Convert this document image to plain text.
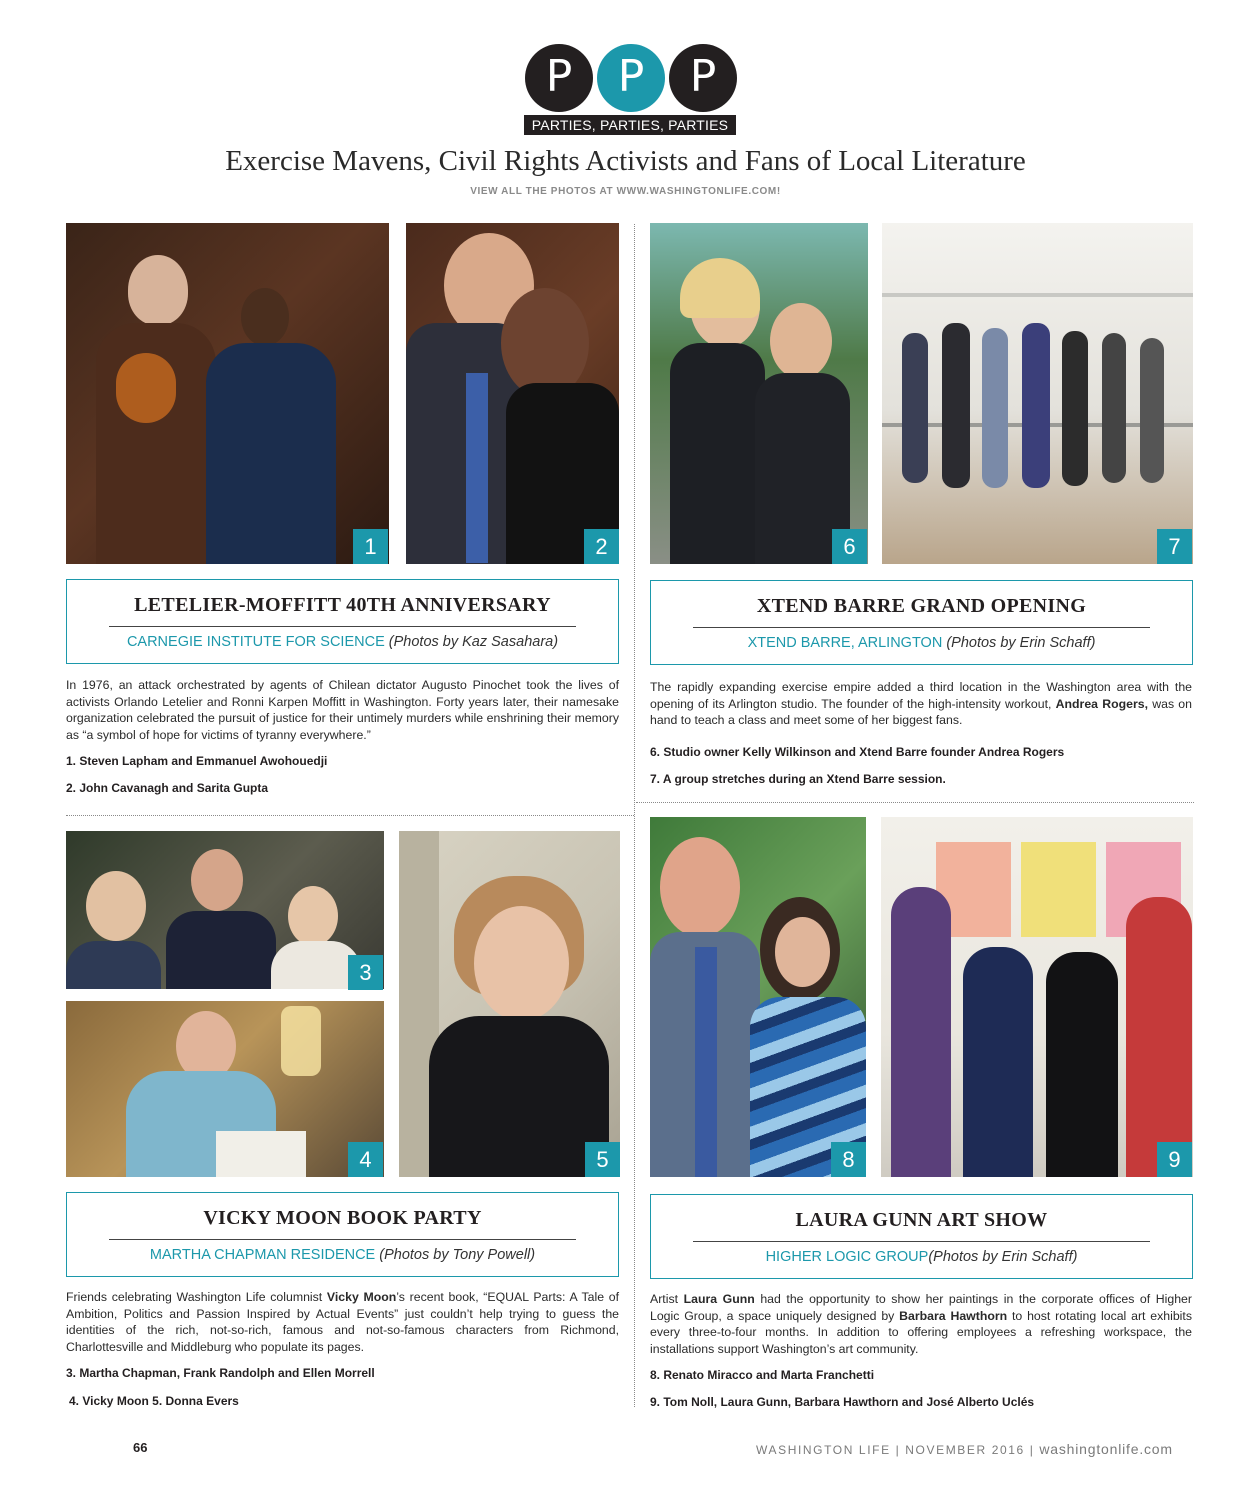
P	P	P
PARTIES, PARTIES, PARTIES
Exercise Mavens, Civil Rights Activists and Fans of Local Literature
VIEW ALL THE PHOTOS AT WWW.WASHINGTONLIFE.COM!
1	2	6	7
LETELIER-MOFFITT 40TH ANNIVERSARY
CARNEGIE INSTITUTE FOR SCIENCE (Photos by Kaz Sasahara)
In 1976, an attack orchestrated by agents of Chilean dictator Augusto Pinochet took the lives of activists Orlando Letelier and Ronni Karpen Moffitt in Washington. Forty years later, their namesake organization celebrated the pursuit of justice for their untimely murders while enshrining their memory as “a symbol of hope for victims of tyranny everywhere.”
1. Steven Lapham and Emmanuel Awohouedji
2. John Cavanagh and Sarita Gupta
XTEND BARRE GRAND OPENING
XTEND BARRE, ARLINGTON (Photos by Erin Schaff)
The rapidly expanding exercise empire added a third location in the Washington area with the opening of its Arlington studio. The founder of the high-intensity workout, Andrea Rogers, was on hand to teach a class and meet some of her biggest fans.
6. Studio owner Kelly Wilkinson and Xtend Barre founder Andrea Rogers
7. A group stretches during an Xtend Barre session.
3
4	5	8	9
VICKY MOON BOOK PARTY
MARTHA CHAPMAN RESIDENCE (Photos by Tony Powell)
Friends celebrating Washington Life columnist Vicky Moon’s recent book, “EQUAL Parts: A Tale of Ambition, Politics and Passion Inspired by Actual Events” just couldn’t help trying to guess the identities of the rich, not-so-rich, famous and not-so-famous characters from Richmond, Charlottesville and Middleburg who populate its pages.
3. Martha Chapman, Frank Randolph and Ellen Morrell
4. Vicky Moon 5. Donna Evers
LAURA GUNN ART SHOW
HIGHER LOGIC GROUP(Photos by Erin Schaff)
Artist Laura Gunn had the opportunity to show her paintings in the corporate offices of Higher Logic Group, a space uniquely designed by Barbara Hawthorn to host rotating local art exhibits every three-to-four months. In addition to offering employees a refreshing workspace, the installations support Washington’s art community.
8. Renato Miracco and Marta Franchetti
9. Tom Noll, Laura Gunn, Barbara Hawthorn and José Alberto Uclés
66	WASHINGTON LIFE | NOVEMBER 2016 | washingtonlife.com
